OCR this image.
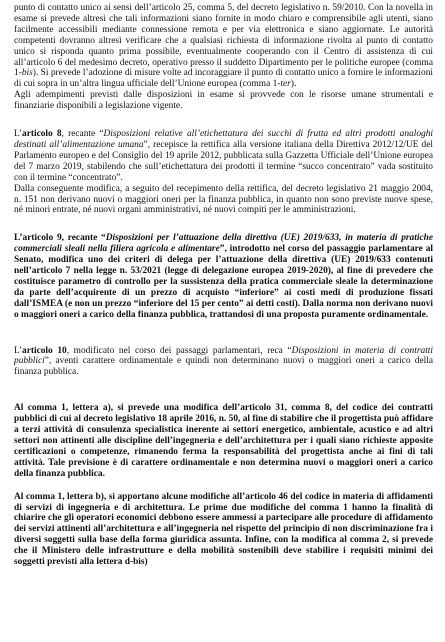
punto di contatto unico ai sensi dell’articolo 25, comma 5, del decreto legislativo n. 59/2010. Con la novella in esame si prevede altresì che tali informazioni siano fornite in modo chiaro e comprensibile agli utenti, siano facilmente accessibili mediante connessione remota e per via elettronica e siano aggiornate. Le autorità competenti dovranno altresì verificare che a qualsiasi richiesta di informazione rivolta al punto di contatto unico si risponda quanto prima possibile, eventualmente cooperando con il Centro di assistenza di cui all’articolo 6 del medesimo decreto, operativo presso il suddetto Dipartimento per le politiche europee (comma 1-bis). Si prevede l’adozione di misure volte ad incoraggiare il punto di contatto unico a fornire le informazioni di cui sopra in un’altra lingua ufficiale dell’Unione europea (comma 1-ter).

Agli adempimenti previsti dalle disposizioni in esame si provvede con le risorse umane strumentali e finanziarie disponibili a legislazione vigente.

L’articolo 8, recante “Disposizioni relative all’etichettatura dei succhi di frutta ed altri prodotti analoghi destinati all’alimentazione umana”, recepisce la rettifica alla versione italiana della Direttiva 2012/12/UE del Parlamento europeo e del Consiglio del 19 aprile 2012, pubblicata sulla Gazzetta Ufficiale dell’Unione europea del 7 marzo 2019, stabilendo che sull’etichettatura dei prodotti il termine “succo concentrato” vada sostituito con il termine “concentrato”.

Dalla conseguente modifica, a seguito del recepimento della rettifica, del decreto legislativo 21 maggio 2004, n. 151 non derivano nuovi o maggiori oneri per la finanza pubblica, in quanto non sono previste nuove spese, né minori entrate, né nuovi organi amministrativi, né nuovi compiti per le amministrazioni.

L’articolo 9, recante “Disposizioni per l’attuazione della direttiva (UE) 2019/633, in materia di pratiche commerciali sleali nella filiera agricola e alimentare”, introdotto nel corso del passaggio parlamentare al Senato, modifica uno dei criteri di delega per l’attuazione della direttiva (UE) 2019/633 contenuti nell’articolo 7 nella legge n. 53/2021 (legge di delegazione europea 2019-2020), al fine di prevedere che costituisce parametro di controllo per la sussistenza della pratica commerciale sleale la determinazione da parte dell’acquirente di un prezzo di acquisto “inferiore” ai costi medi di produzione fissati dall’ISMEA (e non un prezzo “inferiore del 15 per cento” ai detti costi). Dalla norma non derivano nuovi o maggiori oneri a carico della finanza pubblica, trattandosi di una proposta puramente ordinamentale.

L’articolo 10, modificato nel corso dei passaggi parlamentari, reca “Disposizioni in materia di contratti pubblici”, aventi carattere ordinamentale e quindi non determinano nuovi o maggiori oneri a carico della finanza pubblica.

Al comma 1, lettera a), si prevede una modifica dell’articolo 31, comma 8, del codice dei contratti pubblici di cui al decreto legislativo 18 aprile 2016, n. 50, al fine di stabilire che il progettista può affidare a terzi attività di consulenza specialistica inerente ai settori energetico, ambientale, acustico e ad altri settori non attinenti alle discipline dell’ingegneria e dell’architettura per i quali siano richieste apposite certificazioni o competenze, rimanendo ferma la responsabilità del progettista anche ai fini di tali attività. Tale previsione è di carattere ordinamentale e non determina nuovi o maggiori oneri a carico della finanza pubblica.

Al comma 1, lettera b), si apportano alcune modifiche all’articolo 46 del codice in materia di affidamenti di servizi di ingegneria e di architettura. Le prime due modifiche del comma 1 hanno la finalità di chiarire che gli operatori economici debbono essere ammessi a partecipare alle procedure di affidamento dei servizi attinenti all’architettura e all’ingegneria nel rispetto del principio di non discriminazione fra i diversi soggetti sulla base della forma giuridica assunta. Infine, con la modifica al comma 2, si prevede che il Ministero delle infrastrutture e della mobilità sostenibili deve stabilire i requisiti minimi dei soggetti previsti alla lettera d-bis)
